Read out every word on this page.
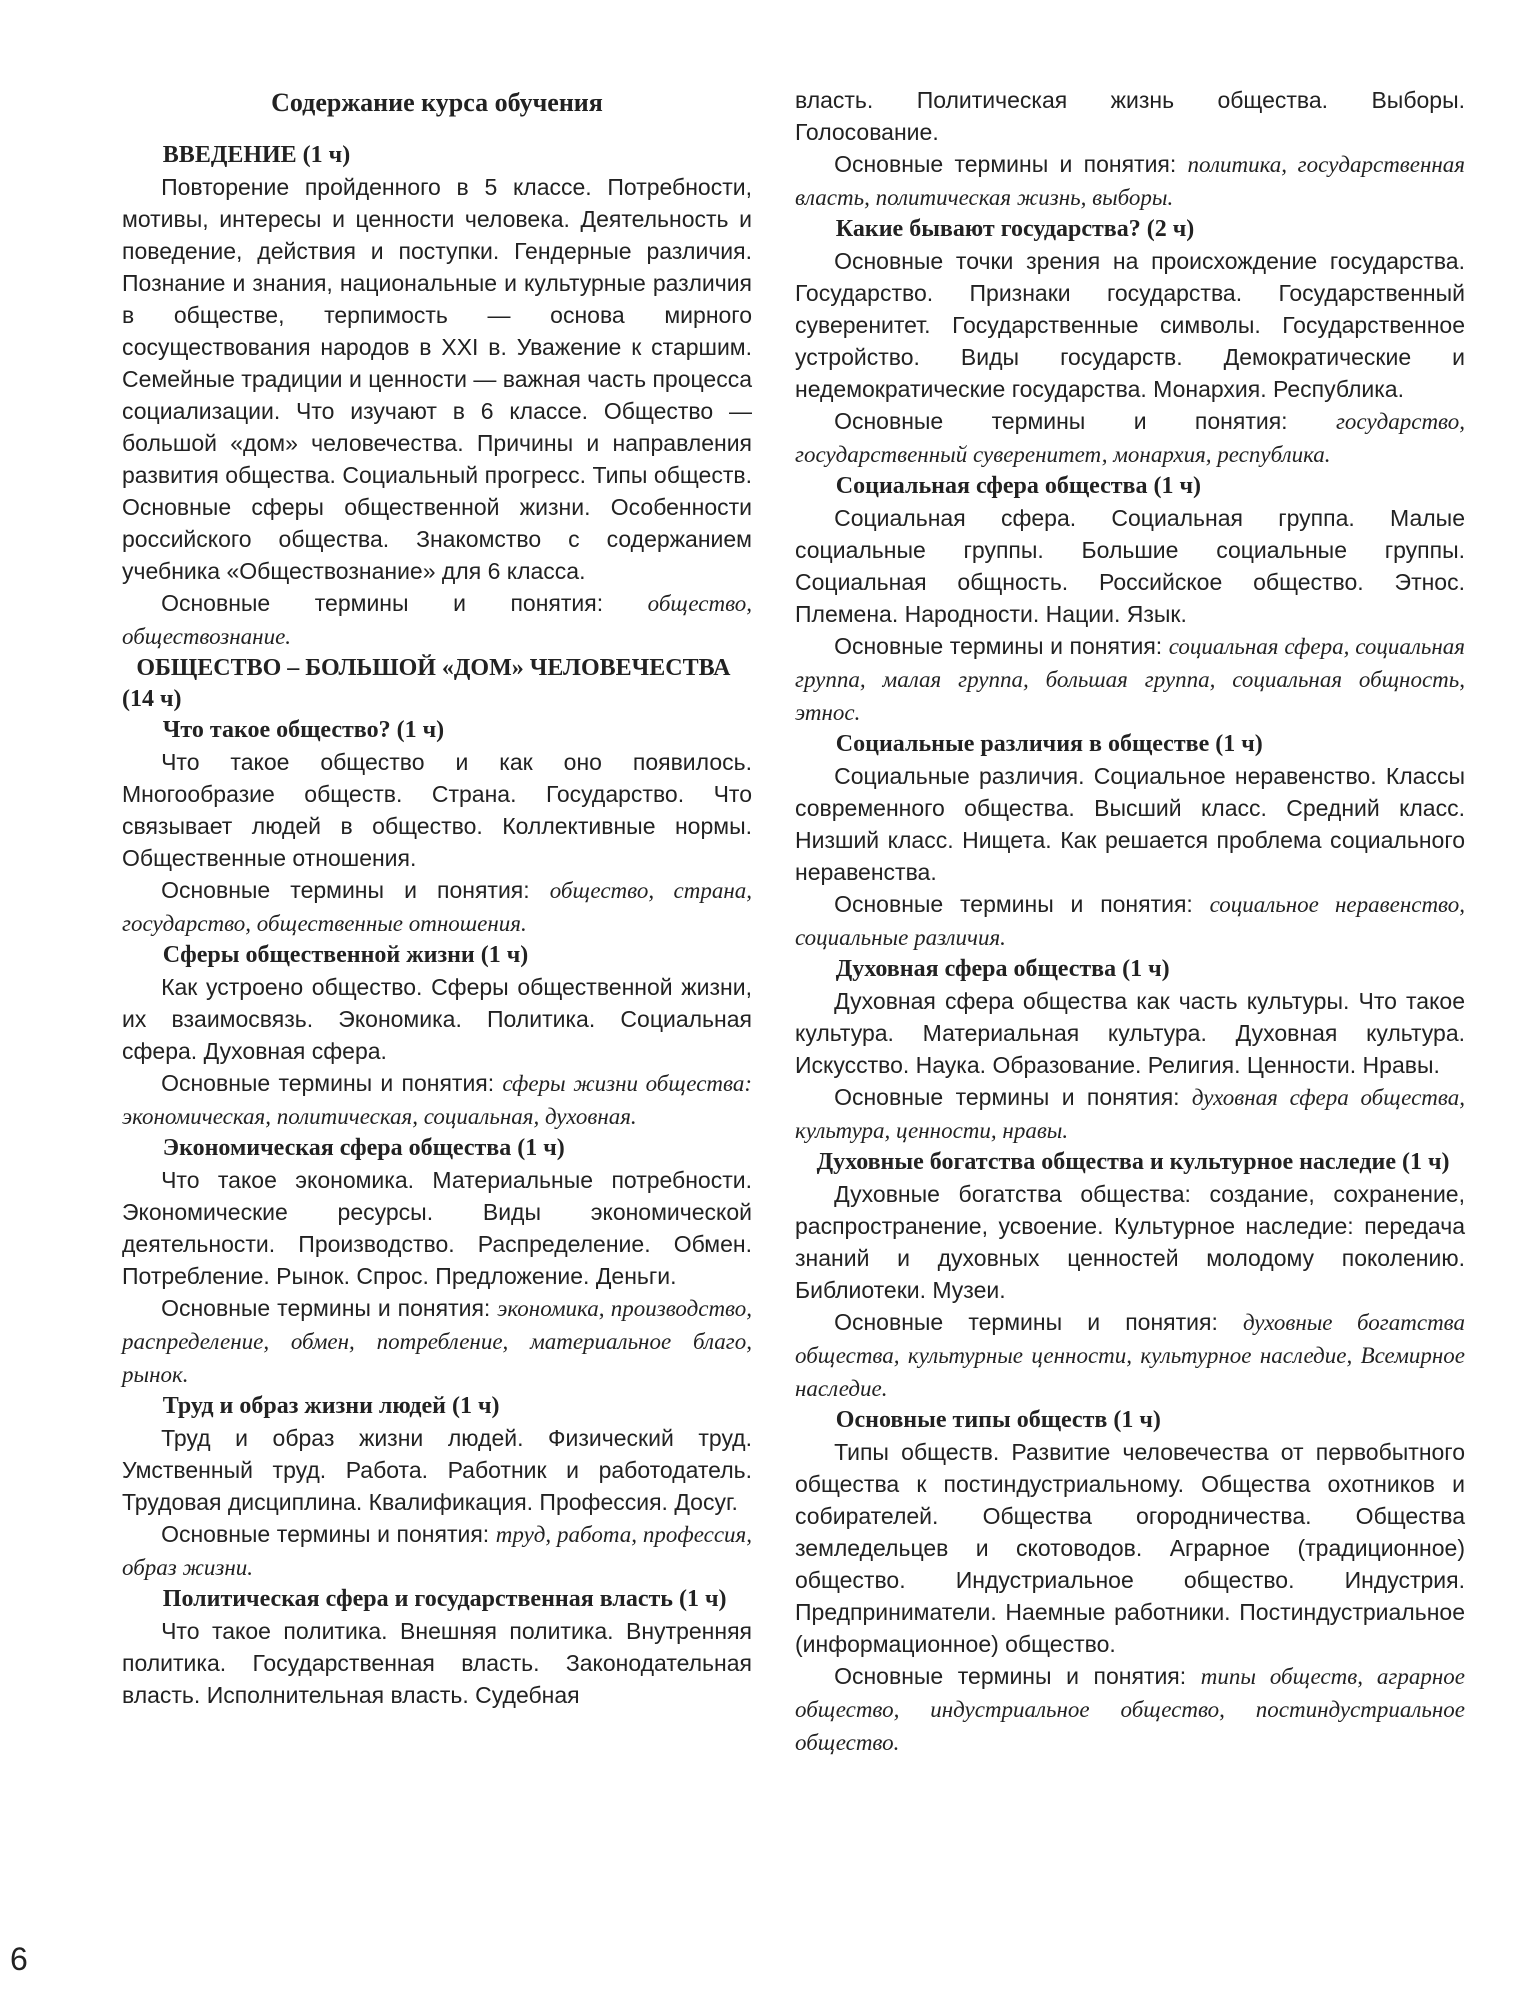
Содержание курса обучения
ВВЕДЕНИЕ (1 ч)

Повторение пройденного в 5 классе. Потребности, мотивы, интересы и ценности человека. Деятельность и поведение, действия и поступки. Гендерные различия. Познание и знания, национальные и культурные различия в обществе, терпимость — основа мирного сосуществования народов в XXI в. Уважение к старшим. Семейные традиции и ценности — важная часть процесса социализации. Что изучают в 6 классе. Общество — большой «дом» человечества. Причины и направления развития общества. Социальный прогресс. Типы обществ. Основные сферы общественной жизни. Особенности российского общества. Знакомство с содержанием учебника «Обществознание» для 6 класса.

Основные термины и понятия: общество, обществознание.

ОБЩЕСТВО – БОЛЬШОЙ «ДОМ» ЧЕЛОВЕЧЕСТВА (14 ч)
Что такое общество? (1 ч)

Что такое общество и как оно появилось. Многообразие обществ. Страна. Государство. Что связывает людей в общество. Коллективные нормы. Общественные отношения.

Основные термины и понятия: общество, страна, государство, общественные отношения.

Сферы общественной жизни (1 ч)

Как устроено общество. Сферы общественной жизни, их взаимосвязь. Экономика. Политика. Социальная сфера. Духовная сфера.

Основные термины и понятия: сферы жизни общества: экономическая, политическая, социальная, духовная.

Экономическая сфера общества (1 ч)

Что такое экономика. Материальные потребности. Экономические ресурсы. Виды экономической деятельности. Производство. Распределение. Обмен. Потребление. Рынок. Спрос. Предложение. Деньги.

Основные термины и понятия: экономика, производство, распределение, обмен, потребление, материальное благо, рынок.

Труд и образ жизни людей (1 ч)

Труд и образ жизни людей. Физический труд. Умственный труд. Работа. Работник и работодатель. Трудовая дисциплина. Квалификация. Профессия. Досуг.

Основные термины и понятия: труд, работа, профессия, образ жизни.

Политическая сфера и государственная власть (1 ч)

Что такое политика. Внешняя политика. Внутренняя политика. Государственная власть. Законодательная власть. Исполнительная власть. Судебная

власть. Политическая жизнь общества. Выборы. Голосование.

Основные термины и понятия: политика, государственная власть, политическая жизнь, выборы.

Какие бывают государства? (2 ч)

Основные точки зрения на происхождение государства. Государство. Признаки государства. Государственный суверенитет. Государственные символы. Государственное устройство. Виды государств. Демократические и недемократические государства. Монархия. Республика.

Основные термины и понятия: государство, государственный суверенитет, монархия, республика.

Социальная сфера общества (1 ч)

Социальная сфера. Социальная группа. Малые социальные группы. Большие социальные группы. Социальная общность. Российское общество. Этнос. Племена. Народности. Нации. Язык.

Основные термины и понятия: социальная сфера, социальная группа, малая группа, большая группа, социальная общность, этнос.

Социальные различия в обществе (1 ч)

Социальные различия. Социальное неравенство. Классы современного общества. Высший класс. Средний класс. Низший класс. Нищета. Как решается проблема социального неравенства.

Основные термины и понятия: социальное неравенство, социальные различия.

Духовная сфера общества (1 ч)

Духовная сфера общества как часть культуры. Что такое культура. Материальная культура. Духовная культура. Искусство. Наука. Образование. Религия. Ценности. Нравы.

Основные термины и понятия: духовная сфера общества, культура, ценности, нравы.

Духовные богатства общества и культурное наследие (1 ч)

Духовные богатства общества: создание, сохранение, распространение, усвоение. Культурное наследие: передача знаний и духовных ценностей молодому поколению. Библиотеки. Музеи.

Основные термины и понятия: духовные богатства общества, культурные ценности, культурное наследие, Всемирное наследие.

Основные типы обществ (1 ч)

Типы обществ. Развитие человечества от первобытного общества к постиндустриальному. Общества охотников и собирателей. Общества огородничества. Общества земледельцев и скотоводов. Аграрное (традиционное) общество. Индустриальное общество. Индустрия. Предприниматели. Наемные работники. Постиндустриальное (информационное) общество.

Основные термины и понятия: типы обществ, аграрное общество, индустриальное общество, постиндустриальное общество.

6
